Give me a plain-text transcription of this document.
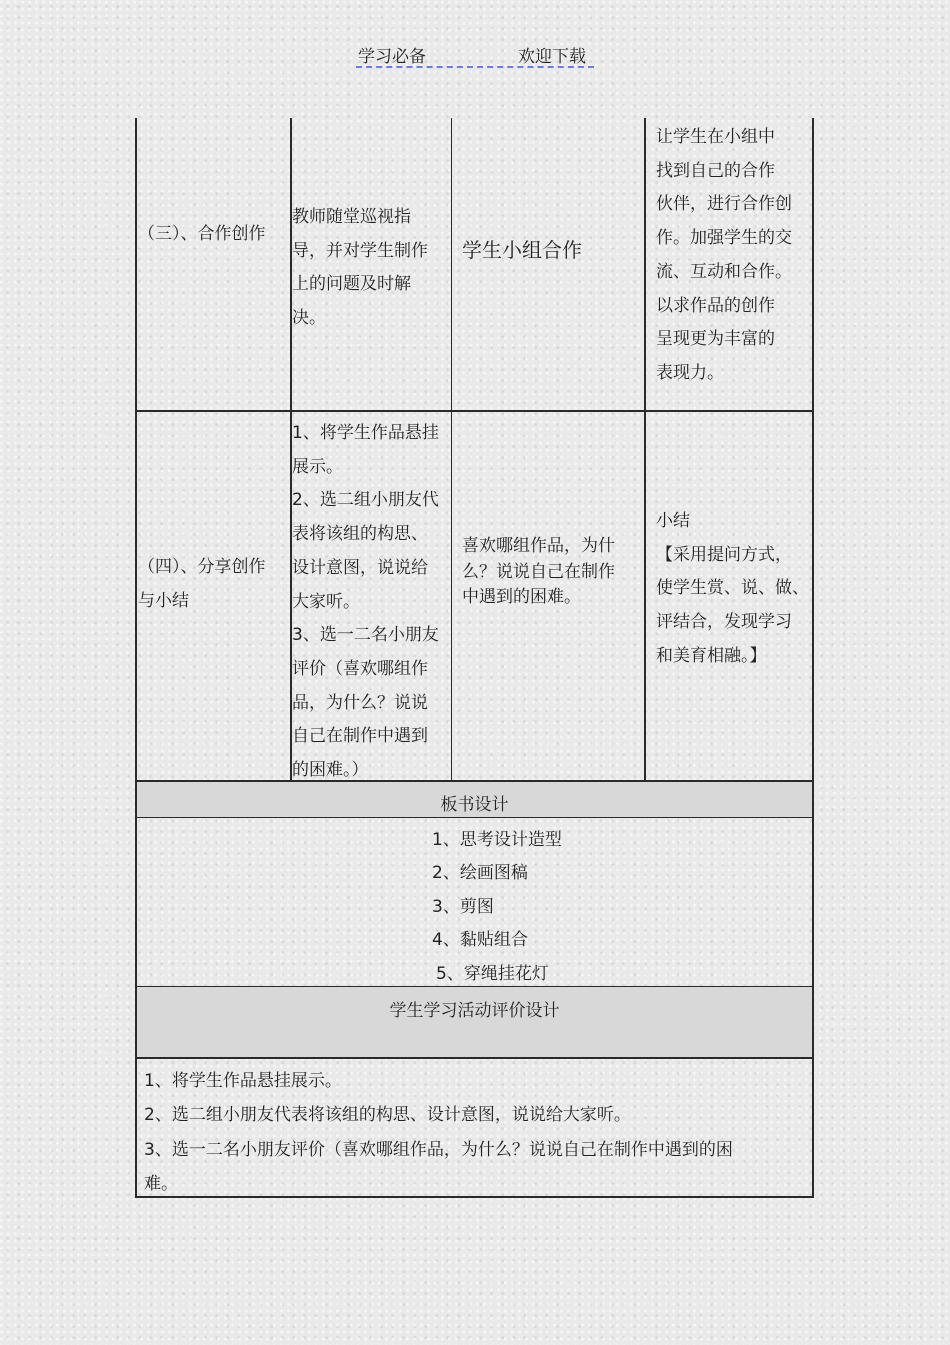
学习必备	欢迎下载
（三）、合作创作
教师随堂巡视指
导，并对学生制作
上的问题及时解
决。
学生小组合作
让学生在小组中
找到自己的合作
伙伴，进行合作创
作。加强学生的交
流、互动和合作。
以求作品的创作
呈现更为丰富的
表现力。
（四）、分享创作
与小结
1、将学生作品悬挂
展示。
2、选二组小朋友代
表将该组的构思、
设计意图，说说给
大家听。
3、选一二名小朋友
评价（喜欢哪组作
品，为什么？说说
自己在制作中遇到
的困难。）
喜欢哪组作品，为什
么？说说自己在制作
中遇到的困难。
小结
【采用提问方式，
使学生赏、说、做、
评结合，发现学习
和美育相融。】
板书设计
1、思考设计造型
2、绘画图稿
3、剪图
4、黏贴组合
5、穿绳挂花灯
学生学习活动评价设计
1、将学生作品悬挂展示。
2、选二组小朋友代表将该组的构思、设计意图，说说给大家听。
3、选一二名小朋友评价（喜欢哪组作品，为什么？说说自己在制作中遇到的困
难。
